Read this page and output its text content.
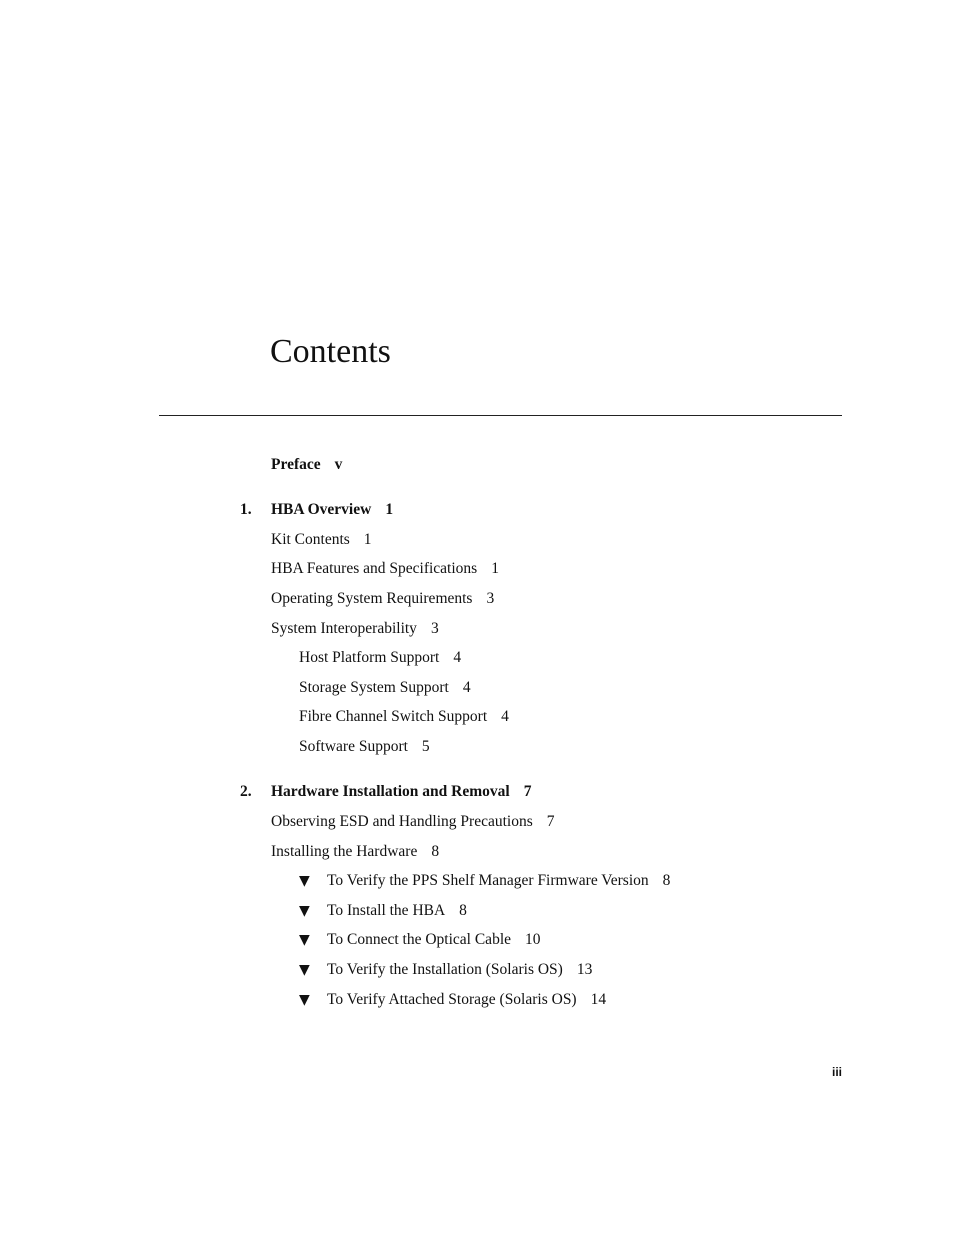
Contents
Preface v
1. HBA Overview 1
Kit Contents 1
HBA Features and Specifications 1
Operating System Requirements 3
System Interoperability 3
Host Platform Support 4
Storage System Support 4
Fibre Channel Switch Support 4
Software Support 5
2. Hardware Installation and Removal 7
Observing ESD and Handling Precautions 7
Installing the Hardware 8
▼ To Verify the PPS Shelf Manager Firmware Version 8
▼ To Install the HBA 8
▼ To Connect the Optical Cable 10
▼ To Verify the Installation (Solaris OS) 13
▼ To Verify Attached Storage (Solaris OS) 14
iii
